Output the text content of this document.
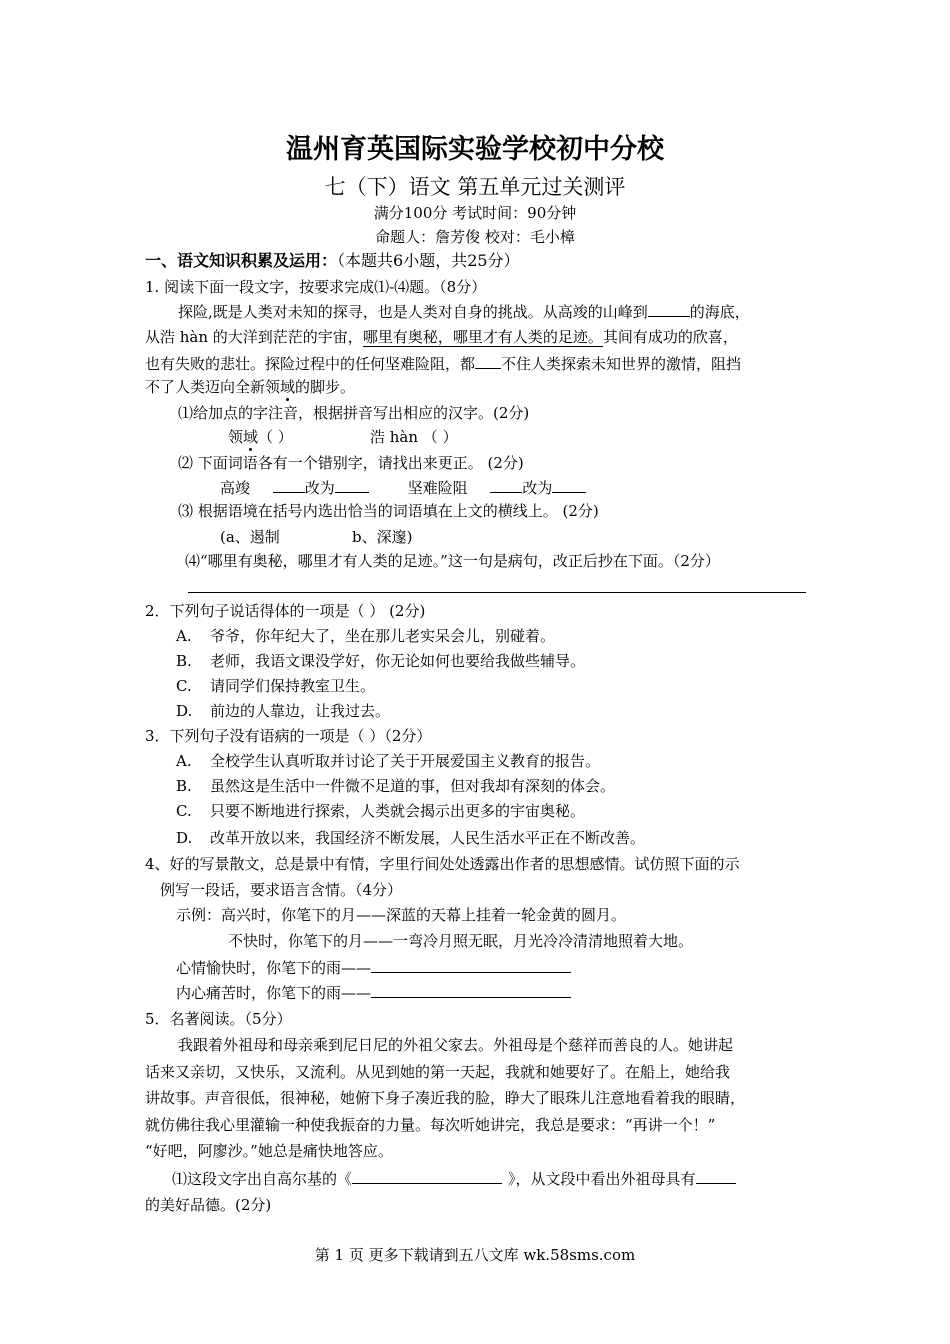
温州育英国际实验学校初中分校
七（下）语文 第五单元过关测评
满分100分 考试时间：90分钟
命题人：詹芳俊 校对：毛小樟
一、语文知识积累及运用：（本题共6小题，共25分）
1. 阅读下面一段文字，按要求完成⑴-⑷题。（8分）
探险,既是人类对未知的探寻，也是人类对自身的挑战。从高竣的山峰到	的海底，
从浩 hàn 的大洋到茫茫的宇宙，哪里有奥秘，哪里才有人类的足迹。其间有成功的欣喜，
也有失败的悲壮。探险过程中的任何坚难险阻，都 不住人类探索未知世界的激情，阻挡
不了人类迈向全新领域的脚步。
⑴给加点的字注音，根据拼音写出相应的汉字。(2分)
领域（ ）	浩 hàn （ ）
⑵ 下面词语各有一个错别字，请找出来更正。 (2分)
高竣	改为	坚难险阻	改为
⑶ 根据语境在括号内选出恰当的词语填在上文的横线上。 (2分)
(a、遏制	b、深邃)
⑷“哪里有奥秘，哪里才有人类的足迹。”这一句是病句，改正后抄在下面。（2分）
2．下列句子说话得体的一项是（ ） (2分)
A. 爷爷，你年纪大了，坐在那儿老实呆会儿，别碰着。
B. 老师，我语文课没学好，你无论如何也要给我做些辅导。
C. 请同学们保持教室卫生。
D. 前边的人靠边，让我过去。
3．下列句子没有语病的一项是（ ）（2分）
A. 全校学生认真听取并讨论了关于开展爱国主义教育的报告。
B. 虽然这是生活中一件微不足道的事，但对我却有深刻的体会。
C. 只要不断地进行探索，人类就会揭示出更多的宇宙奥秘。
D. 改革开放以来，我国经济不断发展，人民生活水平正在不断改善。
4、好的写景散文，总是景中有情，字里行间处处透露出作者的思想感情。试仿照下面的示
例写一段话，要求语言含情。（4分）
示例：高兴时，你笔下的月——深蓝的天幕上挂着一轮金黄的圆月。
不快时，你笔下的月——一弯冷月照无眠，月光冷冷清清地照着大地。
心情愉快时，你笔下的雨——
内心痛苦时，你笔下的雨——
5．名著阅读。（5分）
我跟着外祖母和母亲乘到尼日尼的外祖父家去。外祖母是个慈祥而善良的人。她讲起
话来又亲切，又快乐，又流利。从见到她的第一天起，我就和她要好了。在船上，她给我
讲故事。声音很低，很神秘，她俯下身子凑近我的脸，睁大了眼珠儿注意地看着我的眼睛，
就仿佛往我心里灌输一种使我振奋的力量。每次听她讲完，我总是要求：“再讲一个！”
“好吧，阿廖沙。”她总是痛快地答应。
⑴这段文字出自高尔基的《	》，从文段中看出外祖母具有
的美好品德。(2分)
第 1 页 更多下载请到五八文库 wk.58sms.com
